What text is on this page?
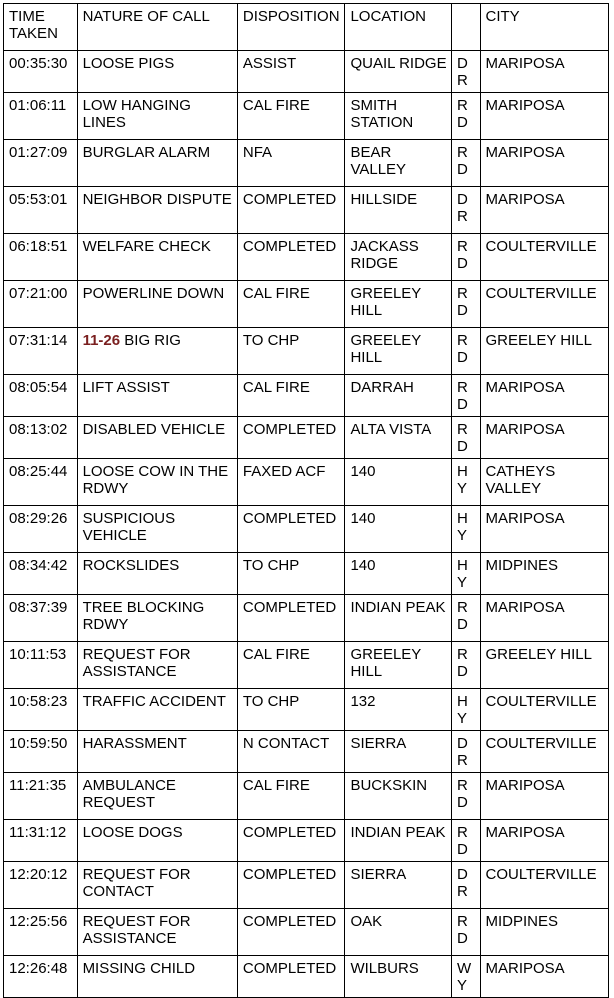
TIME TAKEN	NATURE OF CALL	DISPOSITION	LOCATION		CITY
00:35:30	LOOSE PIGS	ASSIST	QUAIL RIDGE	DR	MARIPOSA
01:06:11	LOW HANGING LINES	CAL FIRE	SMITH STATION	RD	MARIPOSA
01:27:09	BURGLAR ALARM	NFA	BEAR VALLEY	RD	MARIPOSA
05:53:01	NEIGHBOR DISPUTE	COMPLETED	HILLSIDE	DR	MARIPOSA
06:18:51	WELFARE CHECK	COMPLETED	JACKASS RIDGE	RD	COULTERVILLE
07:21:00	POWERLINE DOWN	CAL FIRE	GREELEY HILL	RD	COULTERVILLE
07:31:14	11-26 BIG RIG	TO CHP	GREELEY HILL	RD	GREELEY HILL
08:05:54	LIFT ASSIST	CAL FIRE	DARRAH	RD	MARIPOSA
08:13:02	DISABLED VEHICLE	COMPLETED	ALTA VISTA	RD	MARIPOSA
08:25:44	LOOSE COW IN THE RDWY	FAXED ACF	140	HY	CATHEYS VALLEY
08:29:26	SUSPICIOUS VEHICLE	COMPLETED	140	HY	MARIPOSA
08:34:42	ROCKSLIDES	TO CHP	140	HY	MIDPINES
08:37:39	TREE BLOCKING RDWY	COMPLETED	INDIAN PEAK	RD	MARIPOSA
10:11:53	REQUEST FOR ASSISTANCE	CAL FIRE	GREELEY HILL	RD	GREELEY HILL
10:58:23	TRAFFIC ACCIDENT	TO CHP	132	HY	COULTERVILLE
10:59:50	HARASSMENT	N CONTACT	SIERRA	DR	COULTERVILLE
11:21:35	AMBULANCE REQUEST	CAL FIRE	BUCKSKIN	RD	MARIPOSA
11:31:12	LOOSE DOGS	COMPLETED	INDIAN PEAK	RD	MARIPOSA
12:20:12	REQUEST FOR CONTACT	COMPLETED	SIERRA	DR	COULTERVILLE
12:25:56	REQUEST FOR ASSISTANCE	COMPLETED	OAK	RD	MIDPINES
12:26:48	MISSING CHILD	COMPLETED	WILBURS	WY	MARIPOSA
